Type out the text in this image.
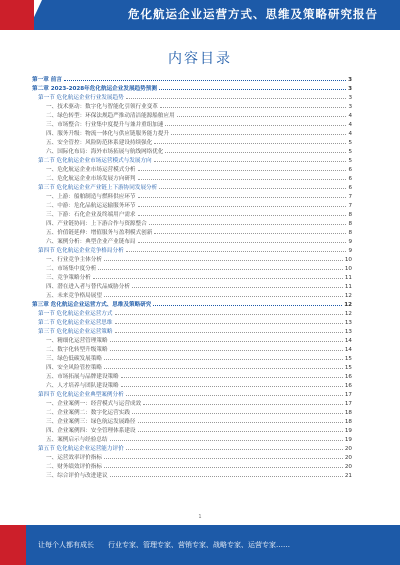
危化航运企业运营方式、思维及策略研究报告
内容目录
第一章 前言	3
第二章 2023-2028年危化航运企业发展趋势预测	3
第一节 危化航运企业行业发展趋势	3
一、技术驱动：数字化与智能化引领行业变革	3
二、绿色转型：环保法规趋严推动清洁能源船舶应用	4
三、市场整合：行业集中度提升与兼并重组加速	4
四、服务升级：物流一体化与供应链服务能力提升	4
五、安全管控：风险防范体系建设持续强化	5
六、国际化布局：海外市场拓展与航线网络优化	5
第二节 危化航运企业市场运营模式与发展方向	5
一、危化航运企业市场运营模式分析	6
二、危化航运企业市场发展方向研判	6
第三节 危化航运企业产业链上下游协同发展分析	6
一、上游：船舶制造与燃料供应环节	7
二、中游：危化品航运运输服务环节	7
三、下游：石化企业及终端用户需求	8
四、产业链协同：上下游合作与资源整合	8
五、价值链延伸：增值服务与盈利模式创新	8
六、案例分析：典型企业产业链布局	9
第四节 危化航运企业竞争格局分析	9
一、行业竞争主体分析	10
二、市场集中度分析	10
三、竞争策略分析	11
四、潜在进入者与替代品威胁分析	11
五、未来竞争格局展望	12
第三章 危化航运企业运营方式、思维及策略研究	12
第一节 危化航运企业运营方式	12
第二节 危化航运企业运营思维	13
第三节 危化航运企业运营策略	13
一、精细化运营管理策略	14
二、数字化转型升级策略	14
三、绿色低碳发展策略	15
四、安全风险管控策略	15
五、市场拓展与品牌建设策略	16
六、人才培养与团队建设策略	16
第四节 危化航运企业典型案例分析	17
一、企业案例一：经营模式与运营成效	17
二、企业案例二：数字化运营实践	18
三、企业案例三：绿色航运发展路径	18
四、企业案例四：安全管理体系建设	19
五、案例启示与经验总结	19
第五节 危化航运企业运营能力评价	20
一、运营效率评价指标	20
二、财务绩效评价指标	20
三、综合评价与改进建议	21
1
让每个人都有成长 行业专家、管理专家、营销专家、战略专家、运营专家……
